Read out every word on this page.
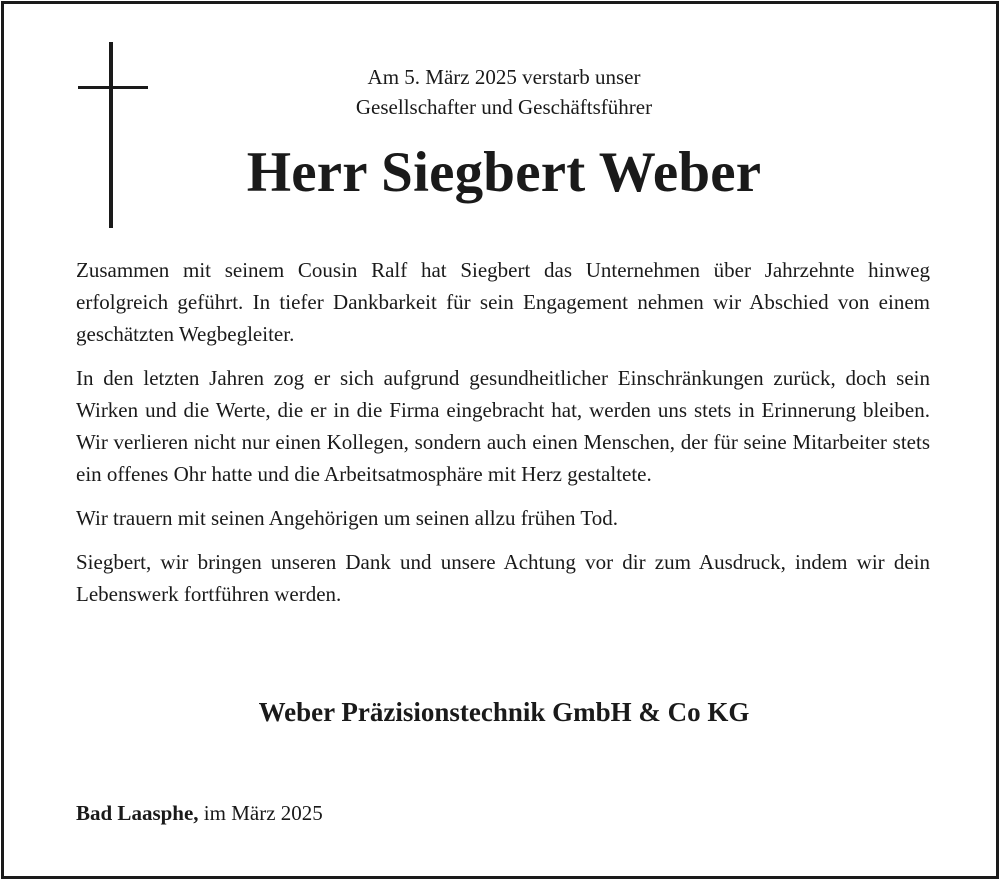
Am 5. März 2025 verstarb unser
Gesellschafter und Geschäftsführer
Herr Siegbert Weber

Zusammen mit seinem Cousin Ralf hat Siegbert das Unternehmen über Jahrzehnte hinweg erfolgreich geführt. In tiefer Dankbarkeit für sein Engagement nehmen wir Abschied von einem geschätzten Wegbegleiter.

In den letzten Jahren zog er sich aufgrund gesundheitlicher Einschränkungen zurück, doch sein Wirken und die Werte, die er in die Firma eingebracht hat, werden uns stets in Erinnerung bleiben. Wir verlieren nicht nur einen Kollegen, sondern auch einen Menschen, der für seine Mitarbeiter stets ein offenes Ohr hatte und die Arbeitsatmosphäre mit Herz gestaltete.

Wir trauern mit seinen Angehörigen um seinen allzu frühen Tod.

Siegbert, wir bringen unseren Dank und unsere Achtung vor dir zum Ausdruck, indem wir dein Lebenswerk fortführen werden.

Weber Präzisionstechnik GmbH & Co KG
Bad Laasphe, im März 2025
